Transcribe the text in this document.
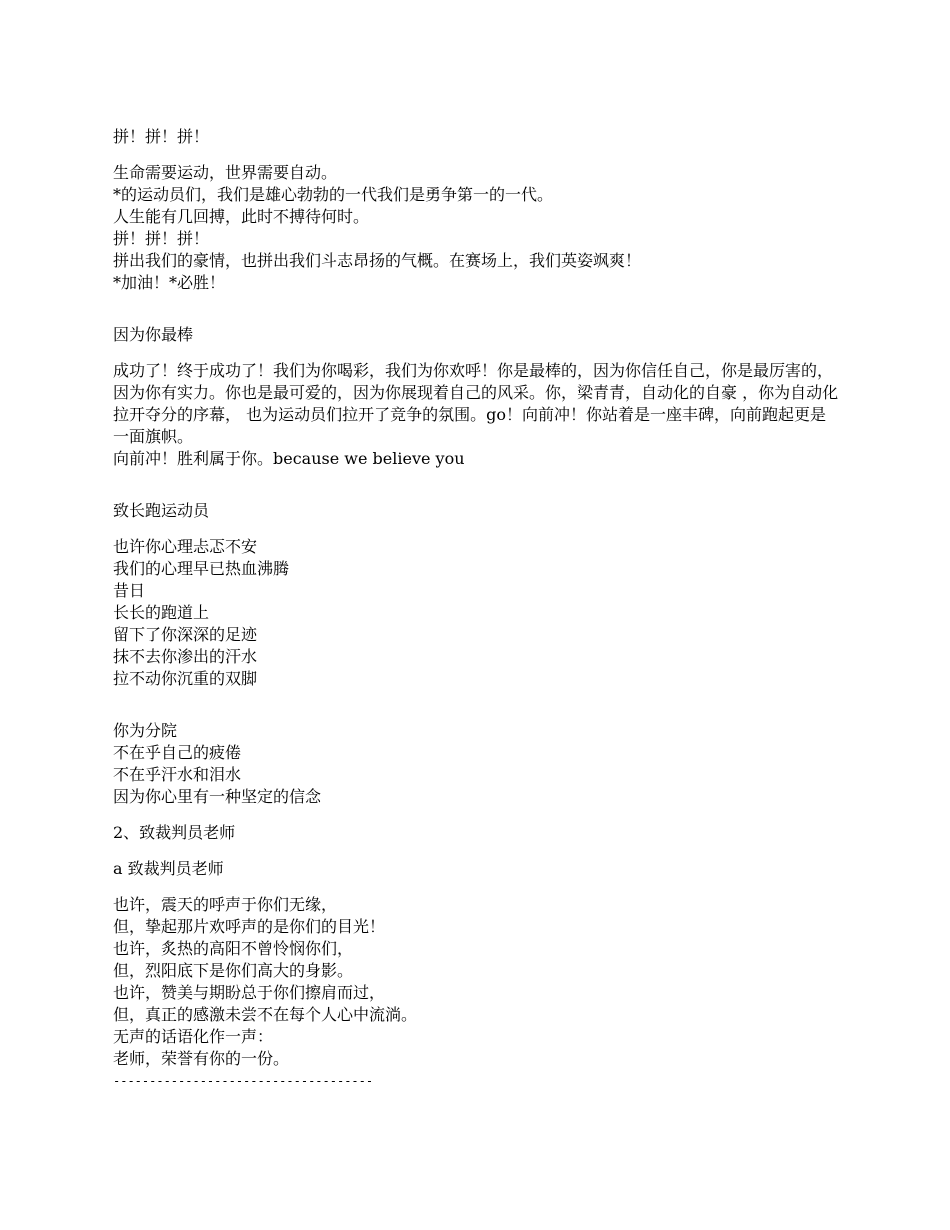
拼！拼！拼！
生命需要运动，世界需要自动。
*的运动员们，我们是雄心勃勃的一代我们是勇争第一的一代。
人生能有几回搏，此时不搏待何时。
拼！拼！拼！
拼出我们的豪情，也拼出我们斗志昂扬的气概。在赛场上，我们英姿飒爽！
*加油！*必胜！
因为你最棒
成功了！终于成功了！我们为你喝彩，我们为你欢呼！你是最棒的，因为你信任自己，你是最厉害的，因为你有实力。你也是最可爱的，因为你展现着自己的风采。你，梁青青，自动化的自豪 ，你为自动化拉开夺分的序幕， 也为运动员们拉开了竞争的氛围。go！向前冲！你站着是一座丰碑，向前跑起更是一面旗帜。
向前冲！胜利属于你。because we believe you
致长跑运动员
也许你心理忐忑不安
我们的心理早已热血沸腾
昔日
长长的跑道上
留下了你深深的足迹
抹不去你渗出的汗水
拉不动你沉重的双脚
你为分院
不在乎自己的疲倦
不在乎汗水和泪水
因为你心里有一种坚定的信念
2、致裁判员老师
a 致裁判员老师
也许，震天的呼声于你们无缘，
但，挚起那片欢呼声的是你们的目光！
也许，炙热的高阳不曾怜悯你们，
但，烈阳底下是你们高大的身影。
也许，赞美与期盼总于你们擦肩而过，
但，真正的感激未尝不在每个人心中流淌。
无声的话语化作一声：
老师，荣誉有你的一份。
------------------------------------
